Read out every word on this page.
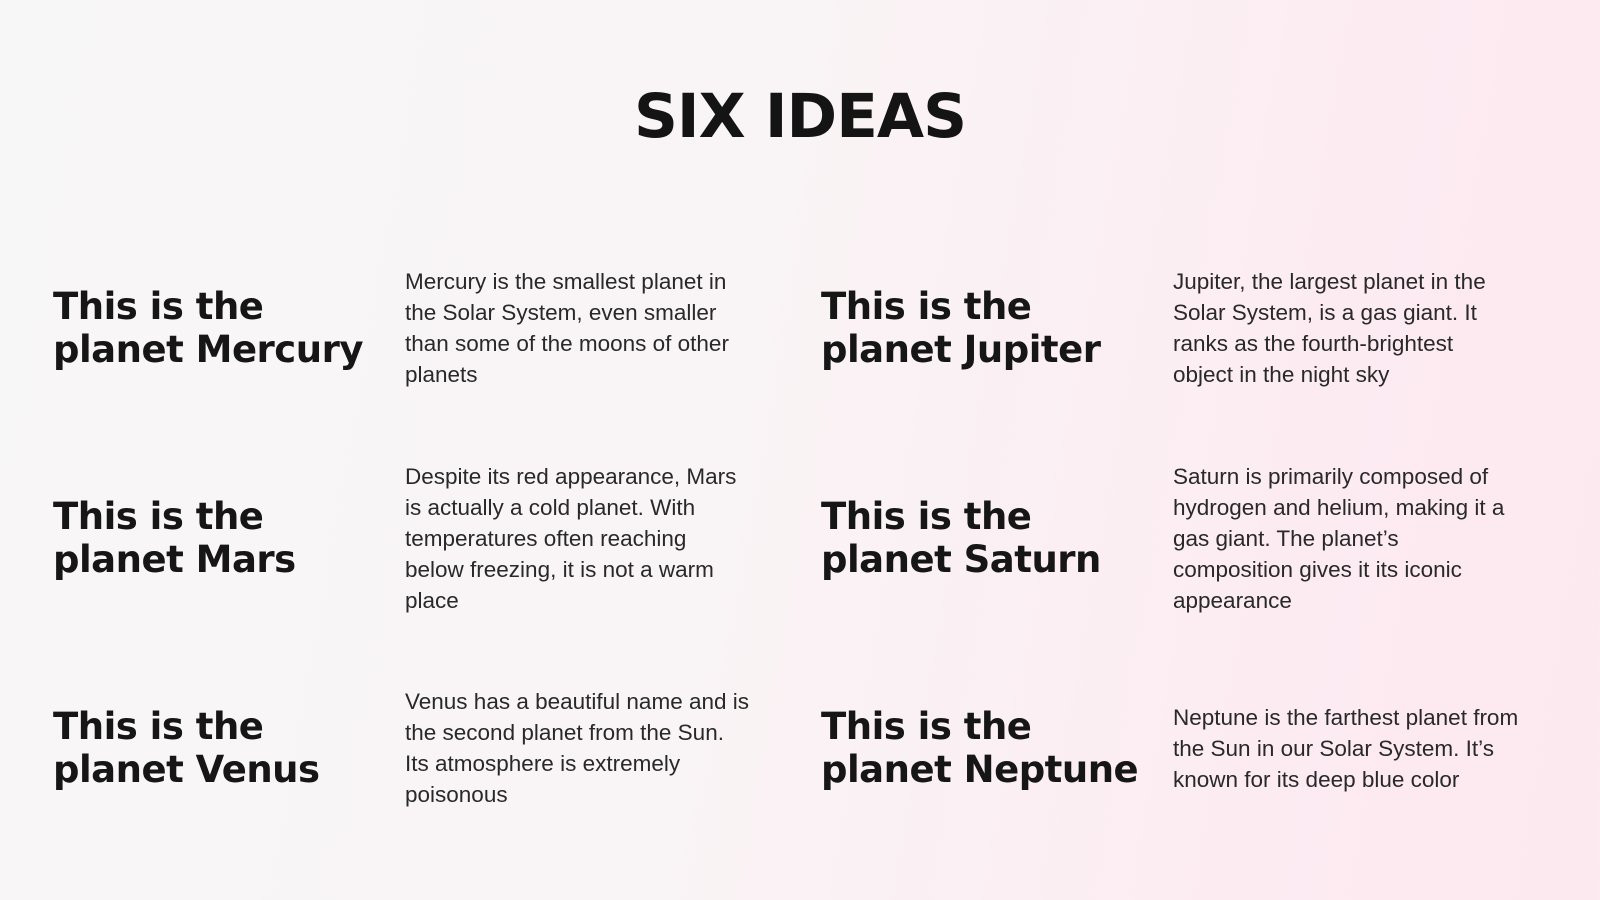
SIX IDEAS
This is the
planet Mercury

Mercury is the smallest planet in the Solar System, even smaller than some of the moons of other planets

This is the
planet Jupiter

Jupiter, the largest planet in the Solar System, is a gas giant. It ranks as the fourth-brightest object in the night sky

This is the
planet Mars

Despite its red appearance, Mars is actually a cold planet. With temperatures often reaching below freezing, it is not a warm place

This is the
planet Saturn

Saturn is primarily composed of hydrogen and helium, making it a gas giant. The planet’s composition gives it its iconic appearance

This is the
planet Venus

Venus has a beautiful name and is the second planet from the Sun. Its atmosphere is extremely poisonous

This is the
planet Neptune

Neptune is the farthest planet from the Sun in our Solar System. It’s known for its deep blue color
